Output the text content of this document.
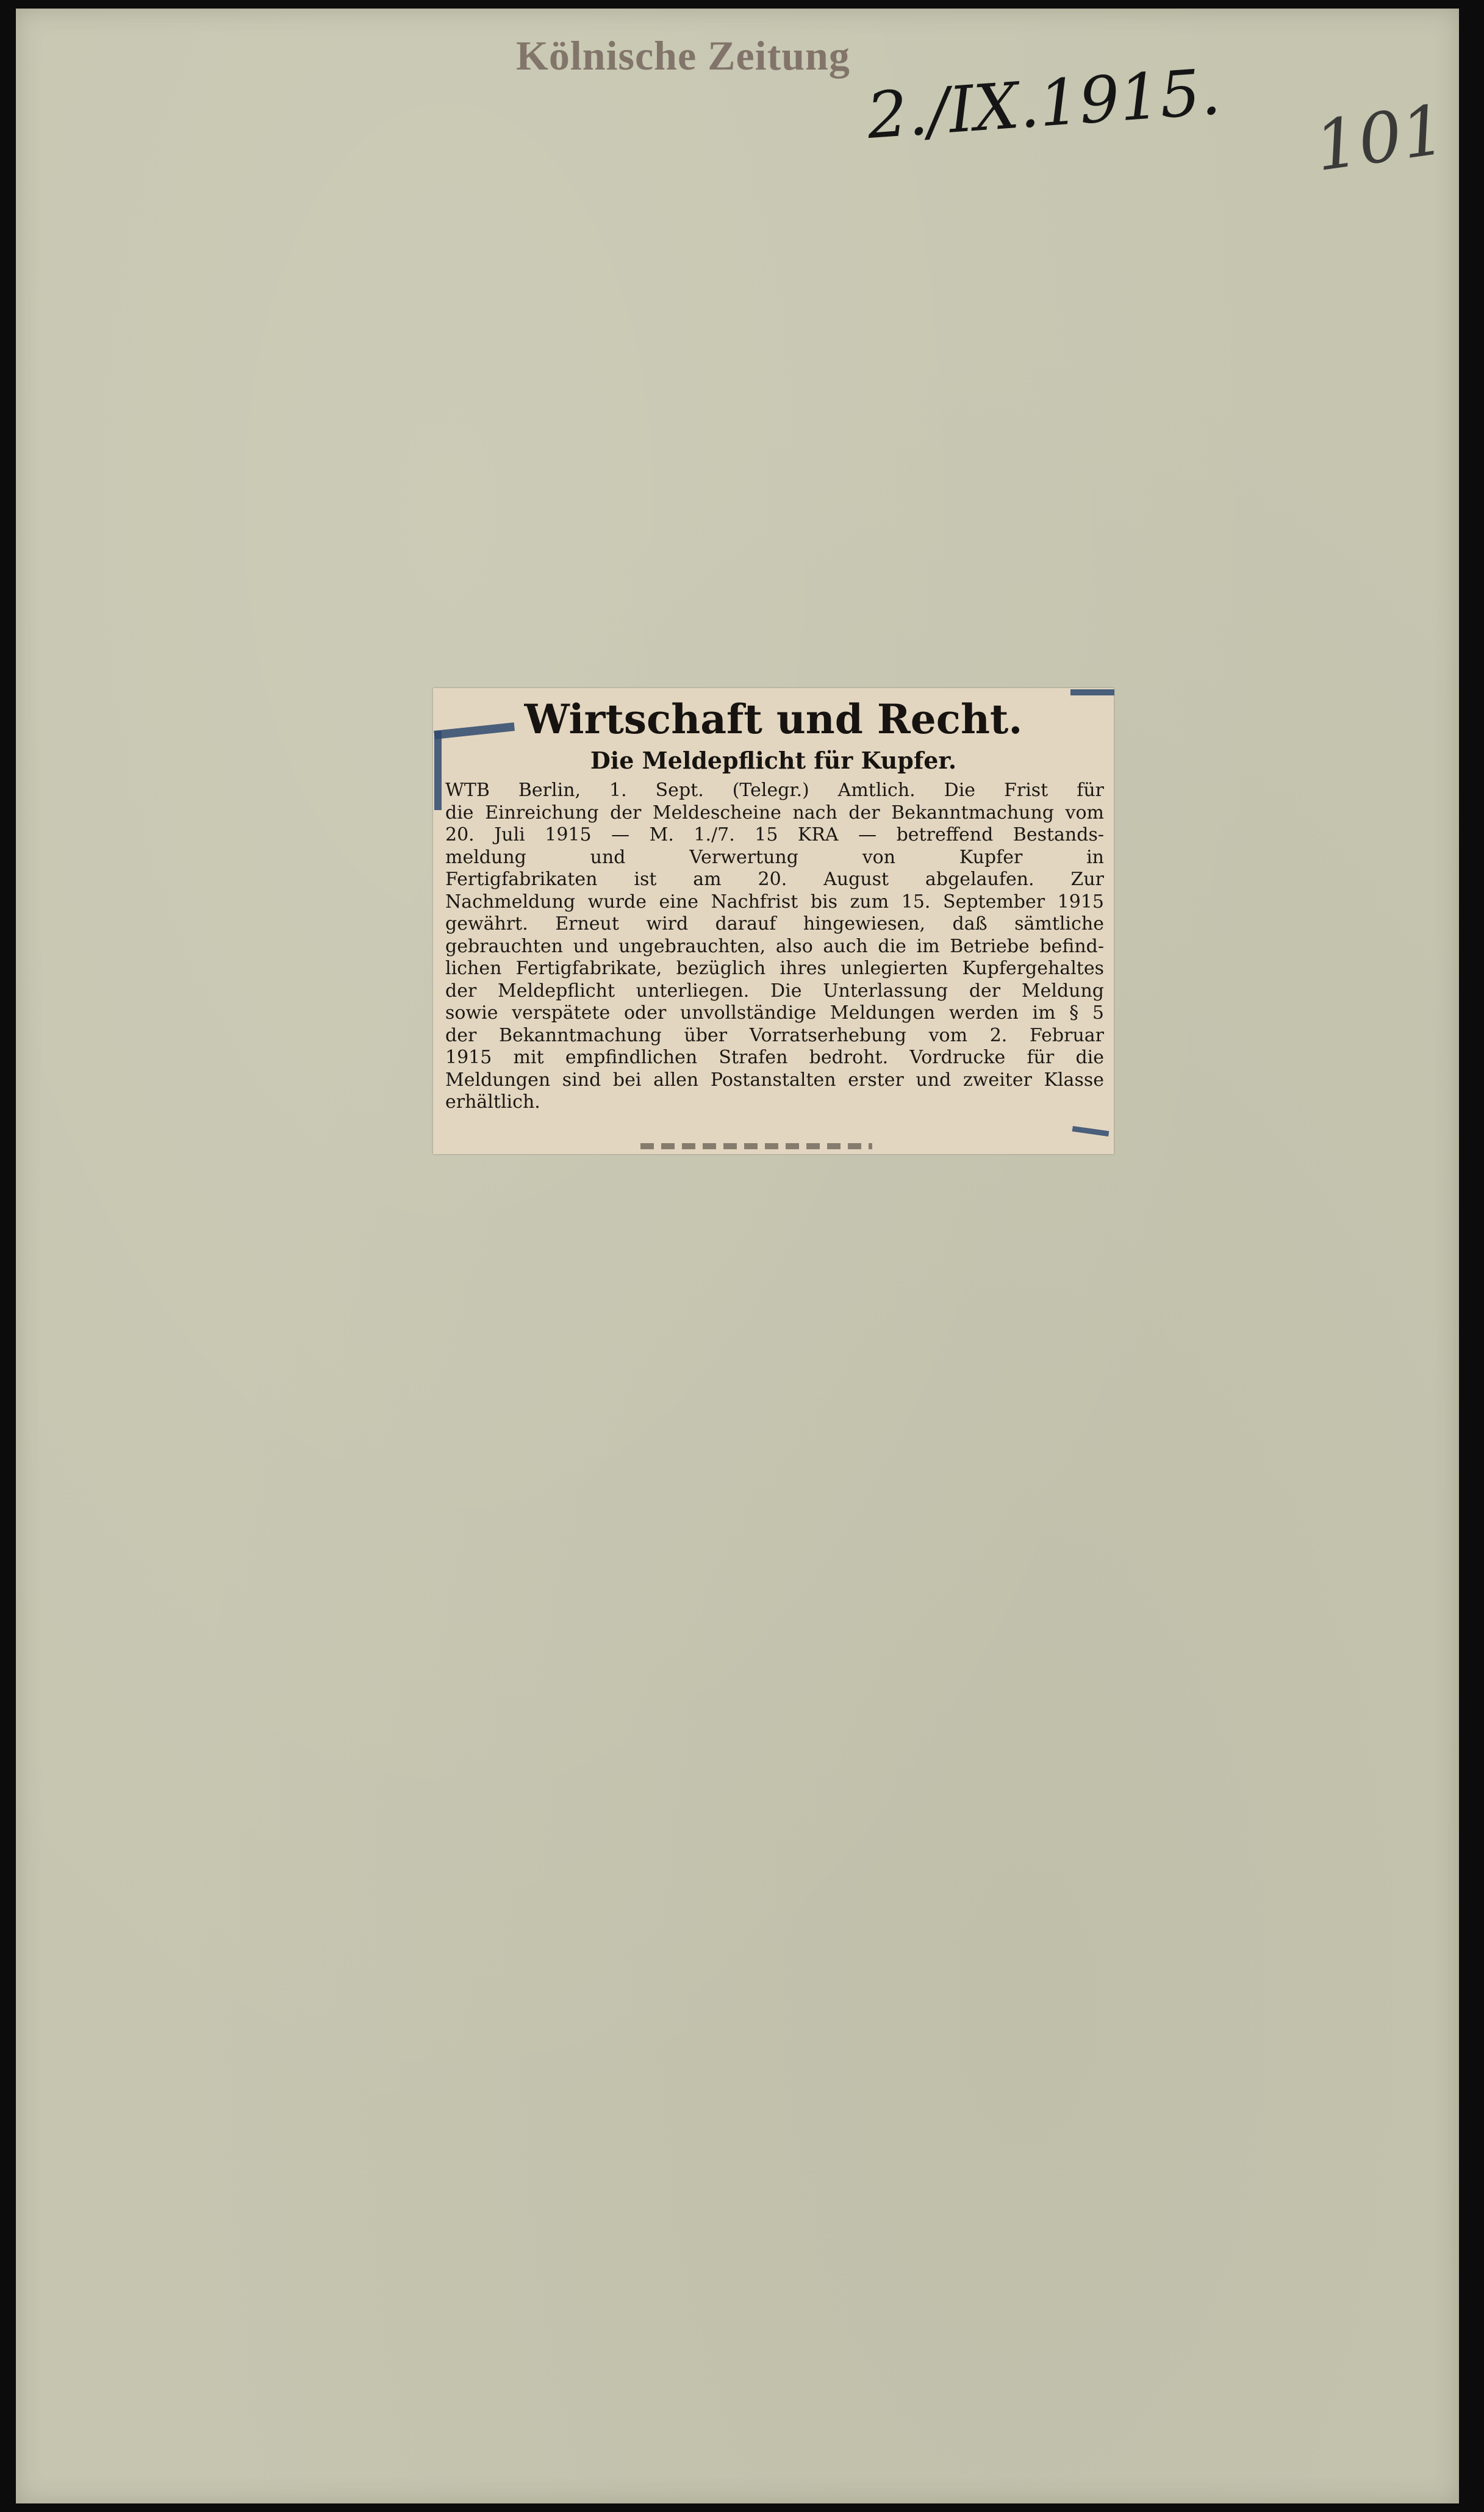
Kölnische Zeitung 2./IX.1915. 101
Wirtschaft und Recht.
Die Meldepflicht für Kupfer.
WTB Berlin, 1. Sept. (Telegr.) Amtlich. Die Frist für
die Einreichung der Meldescheine nach der Bekanntmachung vom
20. Juli 1915 — M. 1./7. 15 KRA — betreffend Bestands-
meldung und Verwertung von Kupfer in
Fertigfabrikaten ist am 20. August abgelaufen. Zur
Nachmeldung wurde eine Nachfrist bis zum 15. September 1915
gewährt. Erneut wird darauf hingewiesen, daß sämtliche
gebrauchten und ungebrauchten, also auch die im Betriebe befind-
lichen Fertigfabrikate, bezüglich ihres unlegierten Kupfergehaltes
der Meldepflicht unterliegen. Die Unterlassung der Meldung
sowie verspätete oder unvollständige Meldungen werden im § 5
der Bekanntmachung über Vorratserhebung vom 2. Februar
1915 mit empfindlichen Strafen bedroht. Vordrucke für die
Meldungen sind bei allen Postanstalten erster und zweiter Klasse
erhältlich.
